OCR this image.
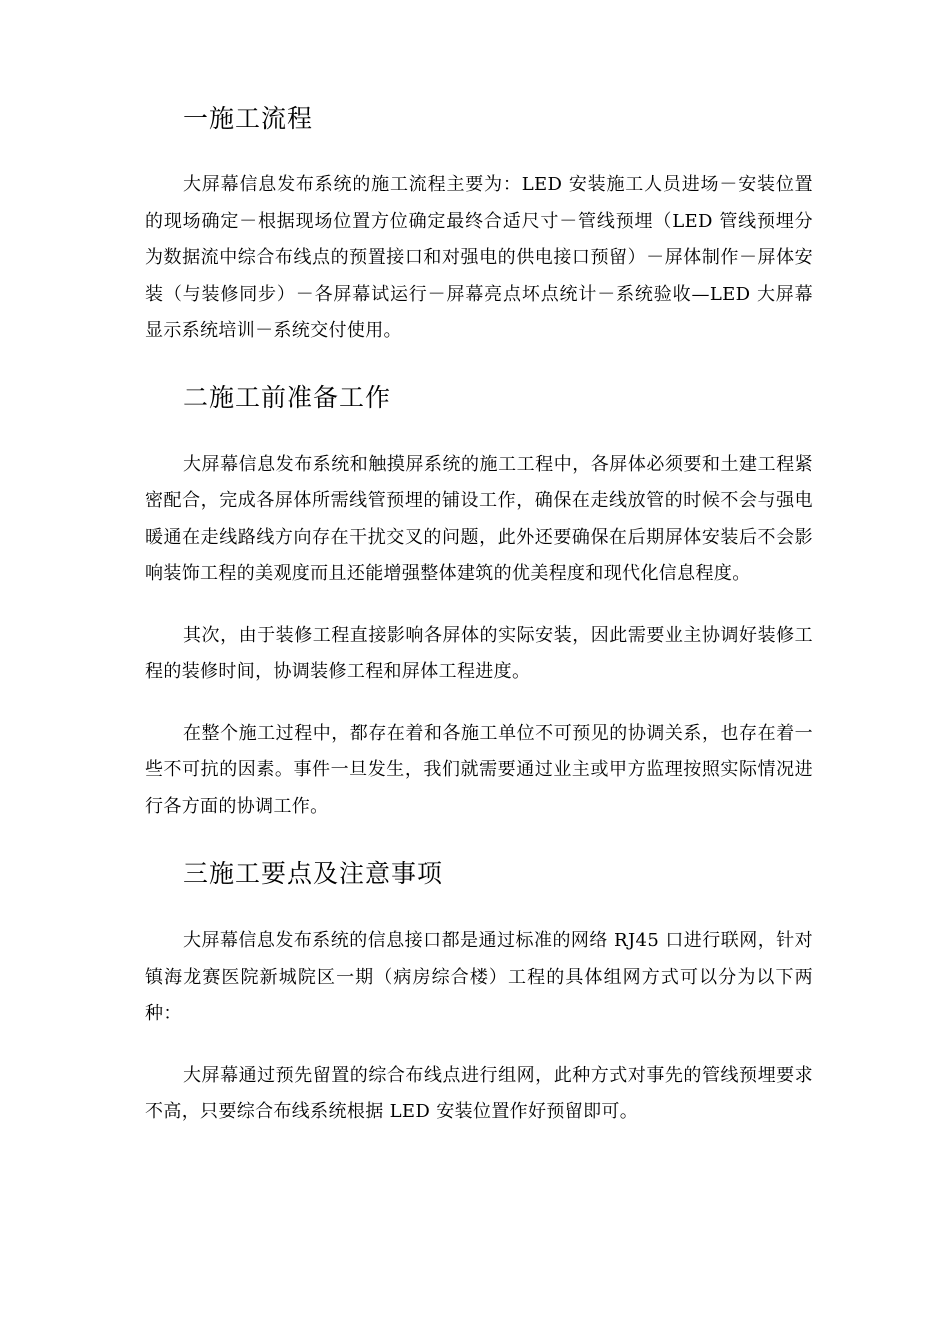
一施工流程

大屏幕信息发布系统的施工流程主要为：LED 安装施工人员进场－安装位置的现场确定－根据现场位置方位确定最终合适尺寸－管线预埋（LED 管线预埋分为数据流中综合布线点的预置接口和对强电的供电接口预留）－屏体制作－屏体安装（与装修同步）－各屏幕试运行－屏幕亮点坏点统计－系统验收—LED 大屏幕显示系统培训－系统交付使用。

二施工前准备工作

大屏幕信息发布系统和触摸屏系统的施工工程中，各屏体必须要和土建工程紧密配合，完成各屏体所需线管预埋的铺设工作，确保在走线放管的时候不会与强电暖通在走线路线方向存在干扰交叉的问题，此外还要确保在后期屏体安装后不会影响装饰工程的美观度而且还能增强整体建筑的优美程度和现代化信息程度。

其次，由于装修工程直接影响各屏体的实际安装，因此需要业主协调好装修工程的装修时间，协调装修工程和屏体工程进度。

在整个施工过程中，都存在着和各施工单位不可预见的协调关系，也存在着一些不可抗的因素。事件一旦发生，我们就需要通过业主或甲方监理按照实际情况进行各方面的协调工作。

三施工要点及注意事项

大屏幕信息发布系统的信息接口都是通过标准的网络 RJ45 口进行联网，针对镇海龙赛医院新城院区一期（病房综合楼）工程的具体组网方式可以分为以下两种：

大屏幕通过预先留置的综合布线点进行组网，此种方式对事先的管线预埋要求不高，只要综合布线系统根据 LED 安装位置作好预留即可。
